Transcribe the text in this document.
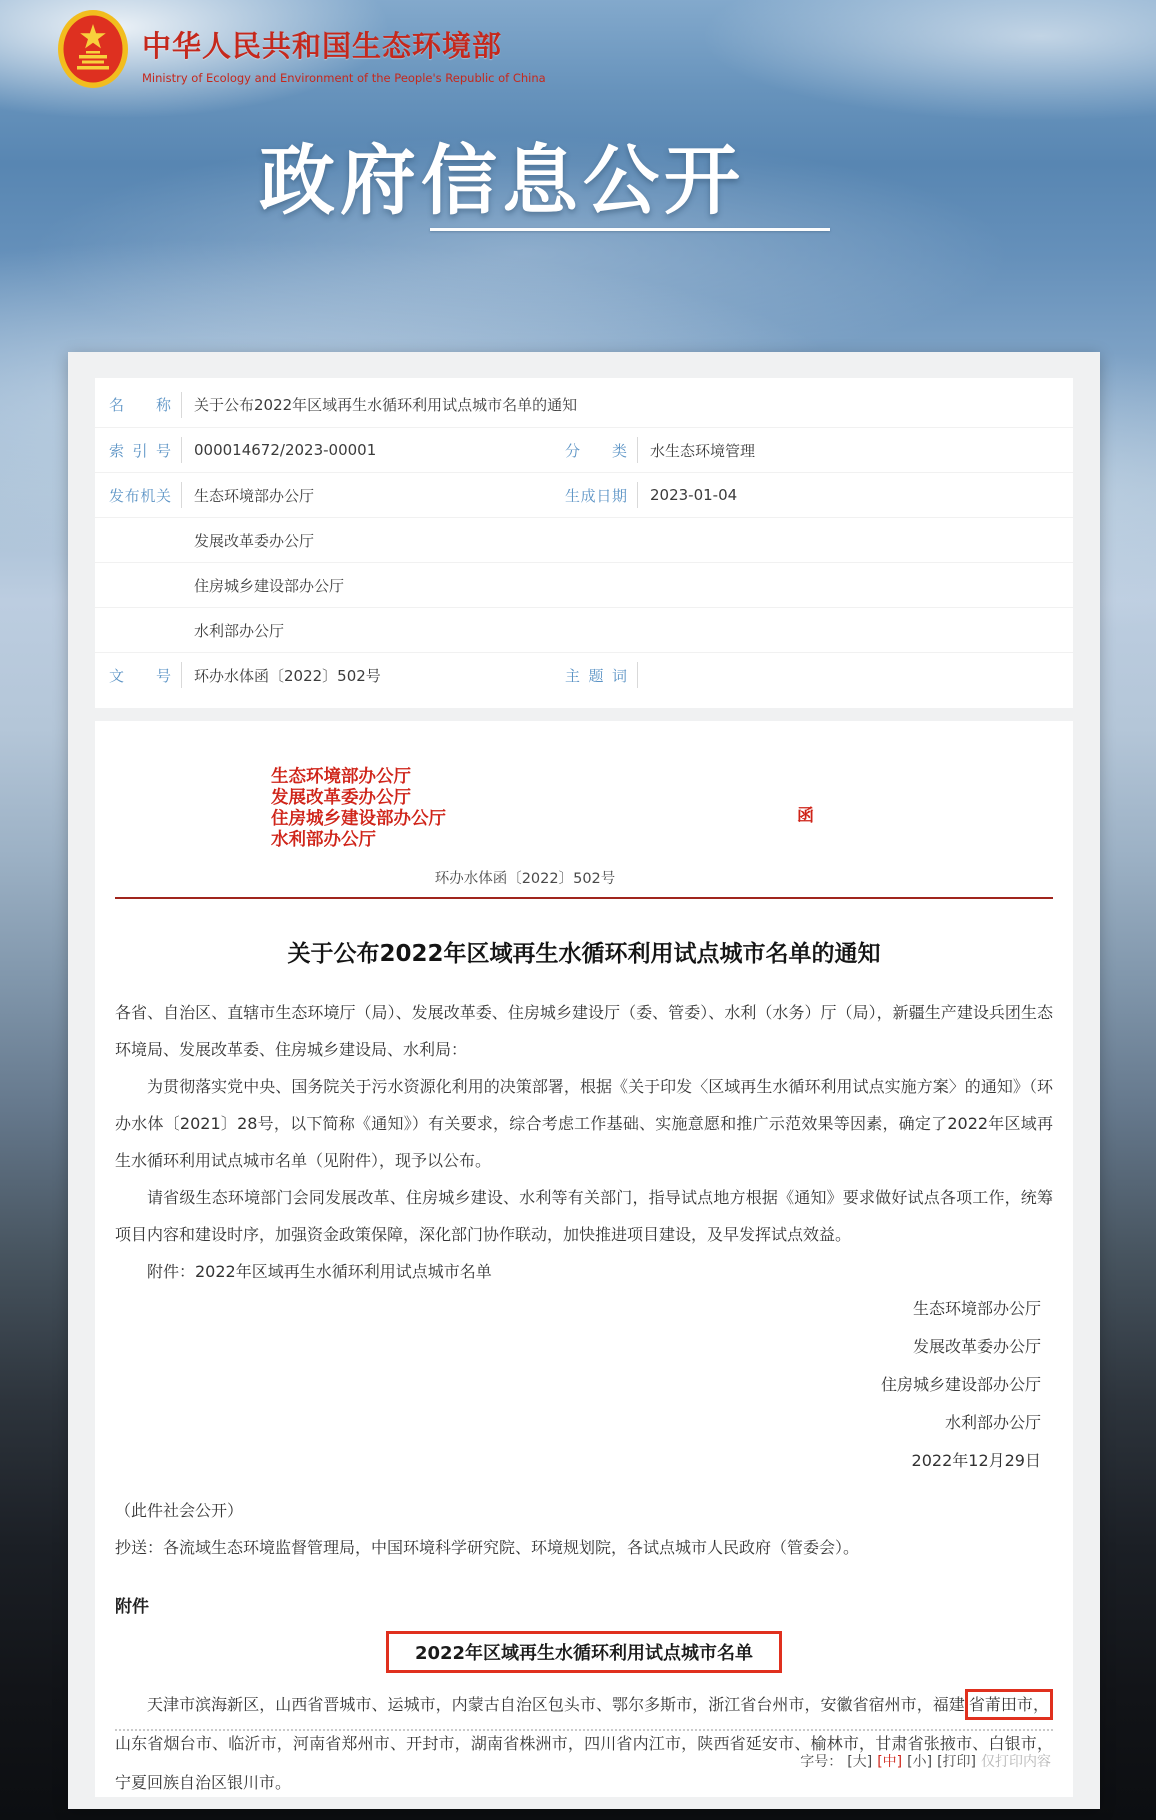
中华人民共和国生态环境部
Ministry of Ecology and Environment of the People's Republic of China
政府信息公开
名称	关于公布2022年区域再生水循环利用试点城市名单的通知
索引号	000014672/2023-00001	分类	水生态环境管理
发布机关	生态环境部办公厅	生成日期	2023-01-04
发展改革委办公厅
住房城乡建设部办公厅
水利部办公厅
文号	环办水体函〔2022〕502号	主题词
生态环境部办公厅
发展改革委办公厅
住房城乡建设部办公厅
水利部办公厅
函
环办水体函〔2022〕502号
关于公布2022年区域再生水循环利用试点城市名单的通知

各省、自治区、直辖市生态环境厅（局）、发展改革委、住房城乡建设厅（委、管委）、水利（水务）厅（局），新疆生产建设兵团生态环境局、发展改革委、住房城乡建设局、水利局：

为贯彻落实党中央、国务院关于污水资源化利用的决策部署，根据《关于印发〈区域再生水循环利用试点实施方案〉的通知》（环办水体〔2021〕28号，以下简称《通知》）有关要求，综合考虑工作基础、实施意愿和推广示范效果等因素，确定了2022年区域再生水循环利用试点城市名单（见附件），现予以公布。

请省级生态环境部门会同发展改革、住房城乡建设、水利等有关部门，指导试点地方根据《通知》要求做好试点各项工作，统筹项目内容和建设时序，加强资金政策保障，深化部门协作联动，加快推进项目建设，及早发挥试点效益。

附件：2022年区域再生水循环利用试点城市名单

生态环境部办公厅
发展改革委办公厅
住房城乡建设部办公厅
水利部办公厅
2022年12月29日
（此件社会公开）
抄送：各流域生态环境监督管理局，中国环境科学研究院、环境规划院，各试点城市人民政府（管委会）。
附件
2022年区域再生水循环利用试点城市名单

天津市滨海新区，山西省晋城市、运城市，内蒙古自治区包头市、鄂尔多斯市，浙江省台州市，安徽省宿州市，福建 省莆田市，山东省烟台市、临沂市，河南省郑州市、开封市，湖南省株洲市，四川省内江市，陕西省延安市、榆林市，甘肃省张掖市、白银市，宁夏回族自治区银川市。

字号： [大] [中] [小] [打印] 仅打印内容
